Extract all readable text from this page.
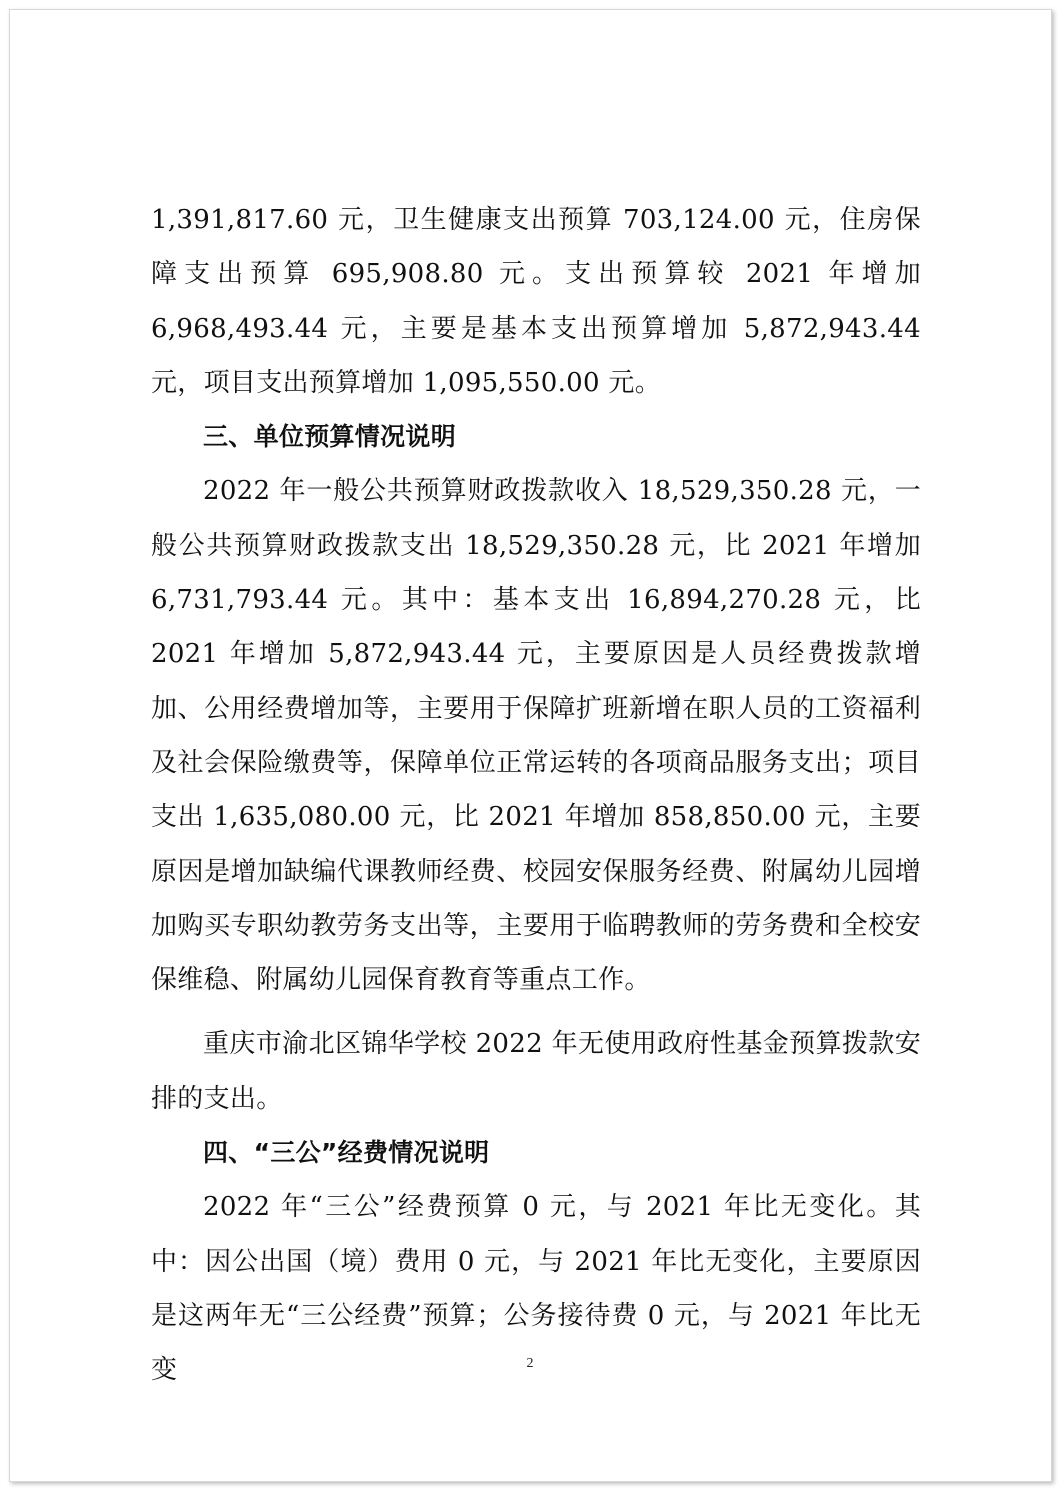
1,391,817.60 元，卫生健康支出预算 703,124.00 元，住房保障支出预算 695,908.80 元。支出预算较 2021 年增加 6,968,493.44 元，主要是基本支出预算增加 5,872,943.44 元，项目支出预算增加 1,095,550.00 元。

三、单位预算情况说明

2022 年一般公共预算财政拨款收入 18,529,350.28 元，一般公共预算财政拨款支出 18,529,350.28 元，比 2021 年增加 6,731,793.44 元。其中：基本支出 16,894,270.28 元，比 2021 年增加 5,872,943.44 元，主要原因是人员经费拨款增加、公用经费增加等，主要用于保障扩班新增在职人员的工资福利及社会保险缴费等，保障单位正常运转的各项商品服务支出；项目支出 1,635,080.00 元，比 2021 年增加 858,850.00 元，主要原因是增加缺编代课教师经费、校园安保服务经费、附属幼儿园增加购买专职幼教劳务支出等，主要用于临聘教师的劳务费和全校安保维稳、附属幼儿园保育教育等重点工作。

重庆市渝北区锦华学校 2022 年无使用政府性基金预算拨款安排的支出。

四、“三公”经费情况说明

2022 年“三公”经费预算 0 元，与 2021 年比无变化。其中：因公出国（境）费用 0 元，与 2021 年比无变化，主要原因是这两年无“三公经费”预算；公务接待费 0 元，与 2021 年比无变	2
